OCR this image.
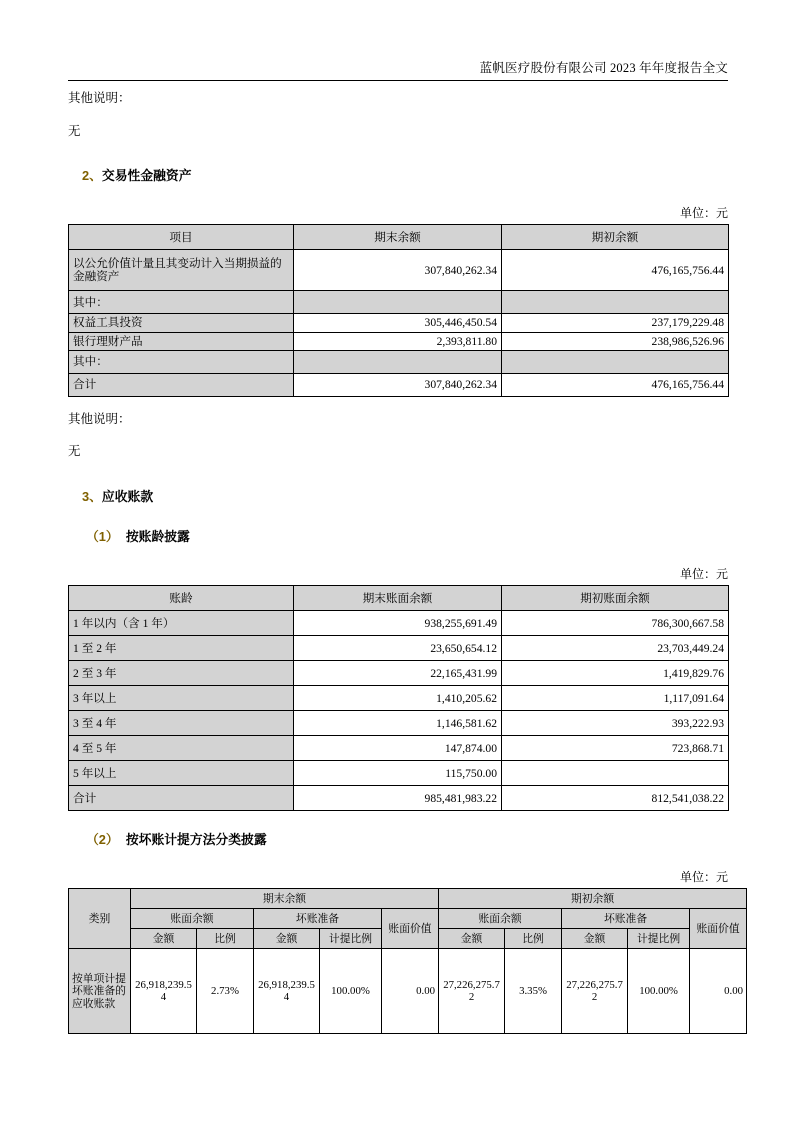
蓝帆医疗股份有限公司 2023 年年度报告全文

其他说明：

无

2、交易性金融资产

单位：元

项目	期末余额	期初余额
以公允价值计量且其变动计入当期损益的金融资产	307,840,262.34	476,165,756.44
其中：		
权益工具投资	305,446,450.54	237,179,229.48
银行理财产品	2,393,811.80	238,986,526.96
其中：		
合计	307,840,262.34	476,165,756.44

其他说明：

无

3、应收账款

（1） 按账龄披露

单位：元

账龄	期末账面余额	期初账面余额
1 年以内（含 1 年）	938,255,691.49	786,300,667.58
1 至 2 年	23,650,654.12	23,703,449.24
2 至 3 年	22,165,431.99	1,419,829.76
3 年以上	1,410,205.62	1,117,091.64
3 至 4 年	1,146,581.62	393,222.93
4 至 5 年	147,874.00	723,868.71
5 年以上	115,750.00	
合计	985,481,983.22	812,541,038.22

（2） 按坏账计提方法分类披露

单位：元

类别	期末余额					期初余额				
	账面余额		坏账准备		账面价值	账面余额		坏账准备		账面价值
	金额	比例	金额	计提比例		金额	比例	金额	计提比例	
按单项计提坏账准备的应收账款	26,918,239.54	2.73%	26,918,239.54	100.00%	0.00	27,226,275.72	3.35%	27,226,275.72	100.00%	0.00
